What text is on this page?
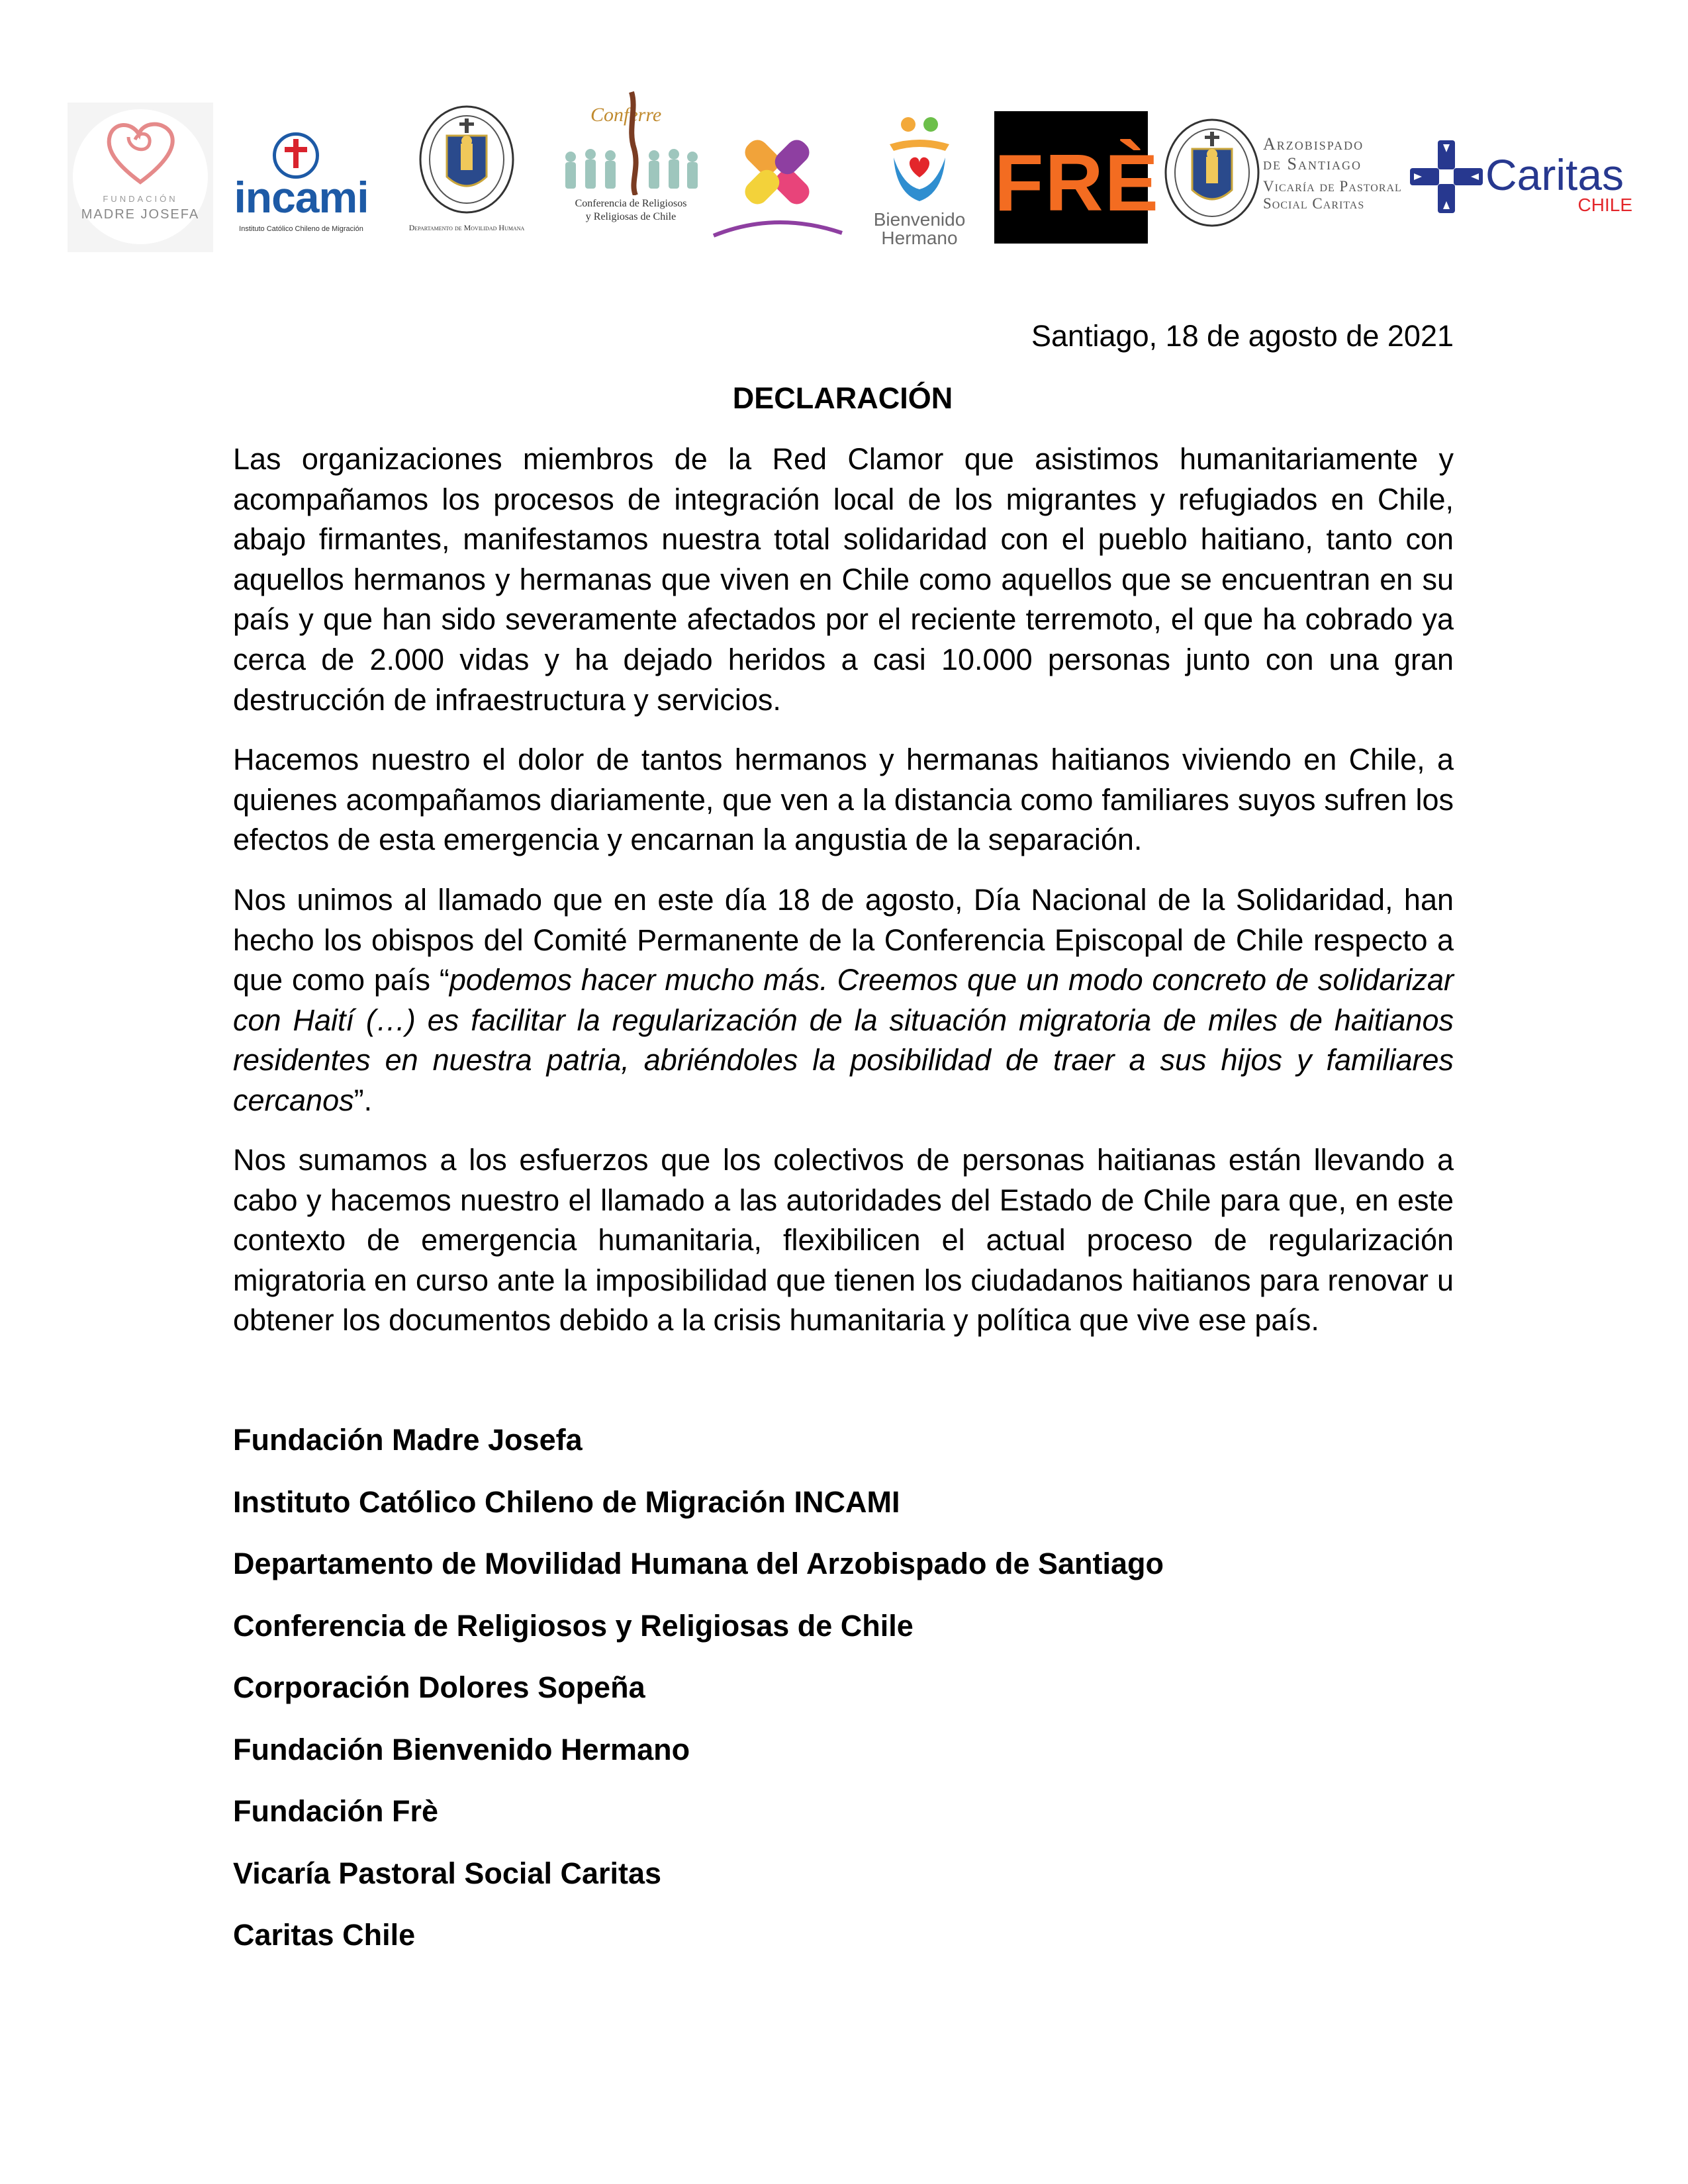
FUNDACIÓN
MADRE JOSEFA incami
Instituto Católico Chileno de Migración	Departamento de Movilidad Humana
Conferre
Conferencia de Religiosos
y Religiosas de Chile	Bienvenido
Hermano
FRÈ	Arzobispado
de Santiago
Vicaría de Pastoral
Social Caritas
Caritas
CHILE
Santiago, 18 de agosto de 2021
DECLARACIÓN

Las organizaciones miembros de la Red Clamor que asistimos humanitariamente y acompañamos los procesos de integración local de los migrantes y refugiados en Chile, abajo firmantes, manifestamos nuestra total solidaridad con el pueblo haitiano, tanto con aquellos hermanos y hermanas que viven en Chile como aquellos que se encuentran en su país y que han sido severamente afectados por el reciente terremoto, el que ha cobrado ya cerca de 2.000 vidas y ha dejado heridos a casi 10.000 personas junto con una gran destrucción de infraestructura y servicios.

Hacemos nuestro el dolor de tantos hermanos y hermanas haitianos viviendo en Chile, a quienes acompañamos diariamente, que ven a la distancia como familiares suyos sufren los efectos de esta emergencia y encarnan la angustia de la separación.

Nos unimos al llamado que en este día 18 de agosto, Día Nacional de la Solidaridad, han hecho los obispos del Comité Permanente de la Conferencia Episcopal de Chile respecto a que como país “podemos hacer mucho más. Creemos que un modo concreto de solidarizar con Haití (…) es facilitar la regularización de la situación migratoria de miles de haitianos residentes en nuestra patria, abriéndoles la posibilidad de traer a sus hijos y familiares cercanos”.

Nos sumamos a los esfuerzos que los colectivos de personas haitianas están llevando a cabo y hacemos nuestro el llamado a las autoridades del Estado de Chile para que, en este contexto de emergencia humanitaria, flexibilicen el actual proceso de regularización migratoria en curso ante la imposibilidad que tienen los ciudadanos haitianos para renovar u obtener los documentos debido a la crisis humanitaria y política que vive ese país.

Fundación Madre Josefa
Instituto Católico Chileno de Migración INCAMI
Departamento de Movilidad Humana del Arzobispado de Santiago
Conferencia de Religiosos y Religiosas de Chile
Corporación Dolores Sopeña
Fundación Bienvenido Hermano
Fundación Frè
Vicaría Pastoral Social Caritas
Caritas Chile
